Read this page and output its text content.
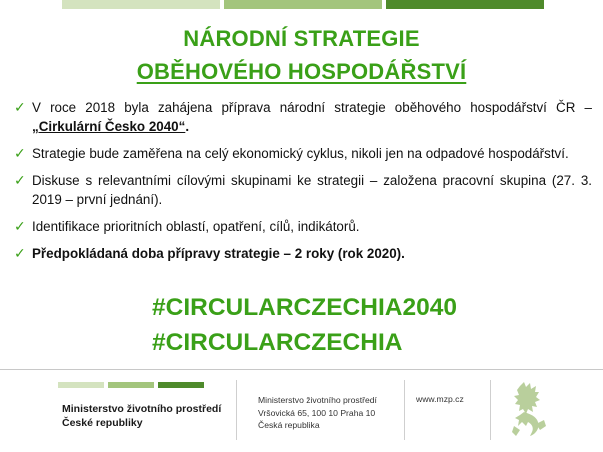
NÁRODNÍ STRATEGIE
OBĚHOVÉHO HOSPODÁŘSTVÍ
✓ V roce 2018 byla zahájena příprava národní strategie oběhového hospodářství ČR – „Cirkulární Česko 2040“.
✓ Strategie bude zaměřena na celý ekonomický cyklus, nikoli jen na odpadové hospodářství.
✓ Diskuse s relevantními cílovými skupinami ke strategii – založena pracovní skupina (27. 3. 2019 – první jednání).
✓ Identifikace prioritních oblastí, opatření, cílů, indikátorů.
✓ Předpokládaná doba přípravy strategie – 2 roky (rok 2020).
#CIRCULARCZECHIA2040
#CIRCULARCZECHIA
Ministerstvo životního prostředí
České republiky
Ministerstvo životního prostředí
Vršovická 65, 100 10 Praha 10
Česká republika
www.mzp.cz
